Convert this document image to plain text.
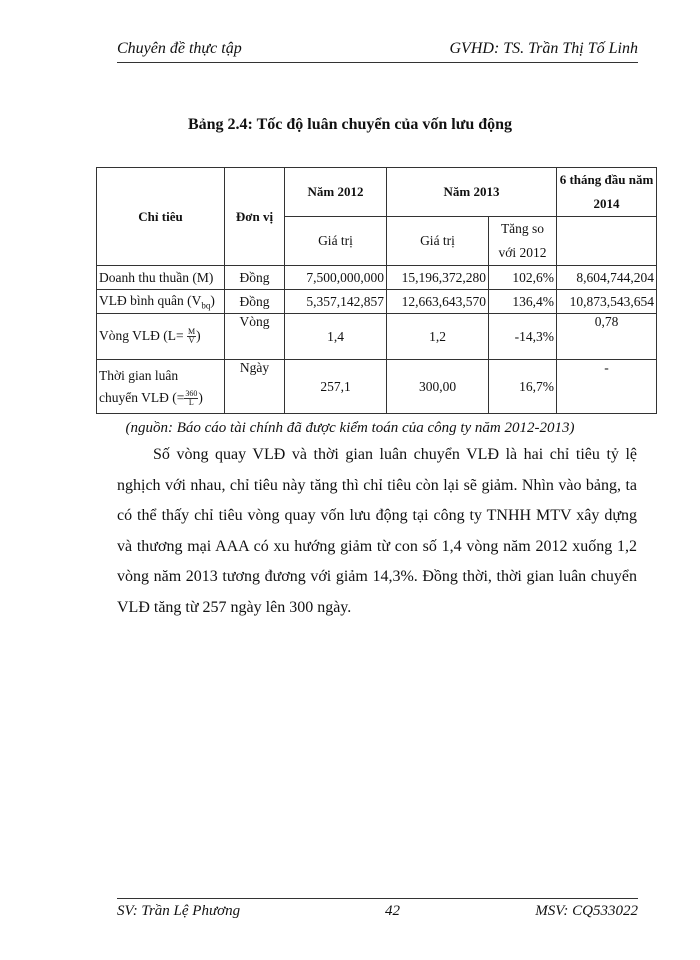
Chuyên đề thực tập	GVHD: TS. Trần Thị Tố Linh
Bảng 2.4: Tốc độ luân chuyển của vốn lưu động
Chỉ tiêu	Đơn vị	Năm 2012	Năm 2013		6 tháng đầu năm 2014
		Giá trị	Giá trị	Tăng so với 2012	
Doanh thu thuần (M)	Đồng	7,500,000,000	15,196,372,280	102,6%	8,604,744,204
VLĐ bình quân $(V_{bq})$	Đồng	5,357,142,857	12,663,643,570	136,4%	10,873,543,654
Vòng VLĐ ($L= \frac{M}{V}$ )	Vòng	1,4	1,2	-14,3%	0,78
Thời gian luân
chuyển VLĐ (= $\frac{360}{L}$ )	Ngày	257,1	300,00	16,7%	-
(nguồn: Báo cáo tài chính đã được kiểm toán của công ty năm 2012-2013)
Số vòng quay VLĐ và thời gian luân chuyển VLĐ là hai chỉ tiêu tỷ lệ nghịch với nhau, chỉ tiêu này tăng thì chỉ tiêu còn lại sẽ giảm. Nhìn vào bảng, ta có thể thấy chỉ tiêu vòng quay vốn lưu động tại công ty TNHH MTV xây dựng và thương mại AAA có xu hướng giảm từ con số 1,4 vòng năm 2012 xuống 1,2 vòng năm 2013 tương đương với giảm 14,3%. Đồng thời, thời gian luân chuyển VLĐ tăng từ 257 ngày lên 300 ngày.
SV: Trần Lệ Phương	42	MSV: CQ533022
